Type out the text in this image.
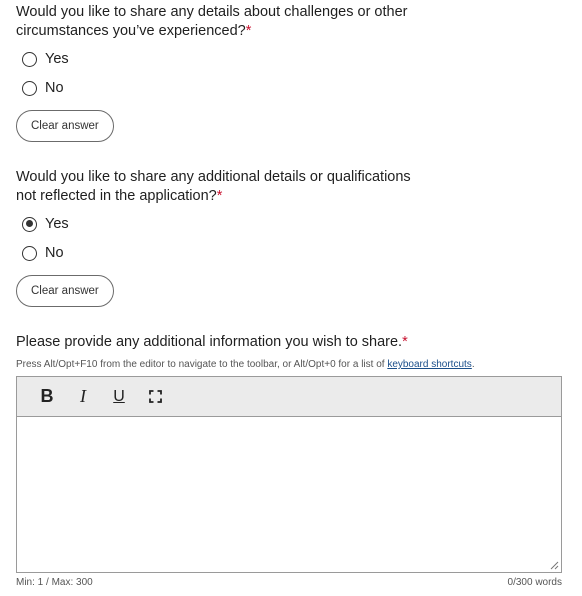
Would you like to share any details about challenges or other circumstances you’ve experienced?*
Yes
No
Clear answer
Would you like to share any additional details or qualifications not reflected in the application?*
Yes
No
Clear answer
Please provide any additional information you wish to share.*
Press Alt/Opt+F10 from the editor to navigate to the toolbar, or Alt/Opt+0 for a list of keyboard shortcuts.
B	I	U
Min: 1 / Max: 300	0/300 words
